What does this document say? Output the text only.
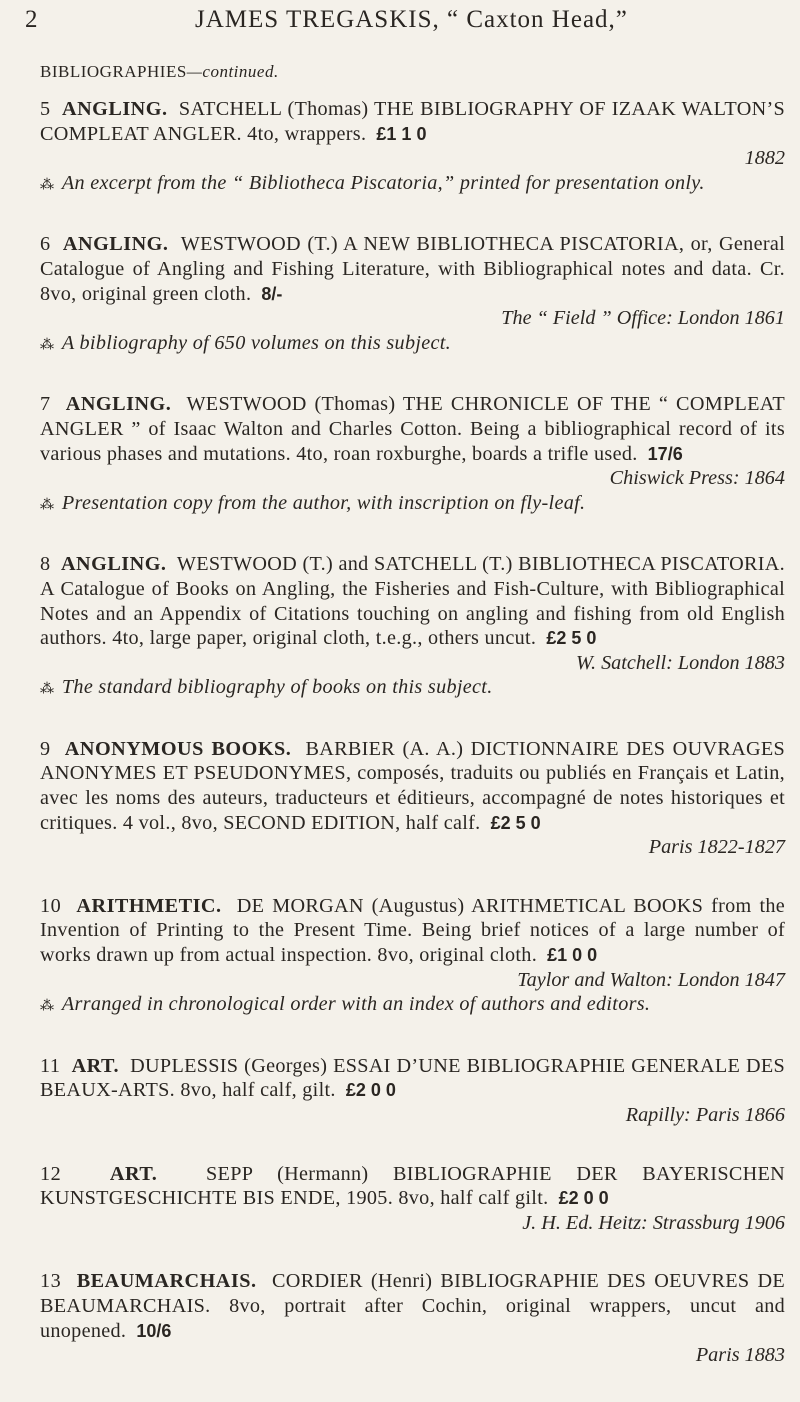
2	JAMES TREGASKIS, “ Caxton Head,”
BIBLIOGRAPHIES—continued.

5 ANGLING. SATCHELL (Thomas) THE BIBLIOGRAPHY OF IZAAK WALTON’S COMPLEAT ANGLER. 4to, wrappers. £1 1 0

1882

⁂  An excerpt from the “ Bibliotheca Piscatoria,” printed for presentation only.

6 ANGLING. WESTWOOD (T.) A NEW BIBLIOTHECA PISCATORIA, or, General Catalogue of Angling and Fishing Literature, with Bibliographical notes and data. Cr. 8vo, original green cloth. 8/-

The “ Field ” Office: London 1861

⁂  A bibliography of 650 volumes on this subject.

7 ANGLING. WESTWOOD (Thomas) THE CHRONICLE OF THE “ COMPLEAT ANGLER ” of Isaac Walton and Charles Cotton. Being a bibliographical record of its various phases and mutations. 4to, roan roxburghe, boards a trifle used. 17/6

Chiswick Press: 1864

⁂  Presentation copy from the author, with inscription on fly-leaf.

8 ANGLING. WESTWOOD (T.) and SATCHELL (T.) BIBLIOTHECA PISCATORIA. A Catalogue of Books on Angling, the Fisheries and Fish-Culture, with Bibliographical Notes and an Appendix of Citations touching on angling and fishing from old English authors. 4to, large paper, original cloth, t.e.g., others uncut. £2 5 0

W. Satchell: London 1883

⁂  The standard bibliography of books on this subject.

9 ANONYMOUS BOOKS. BARBIER (A. A.) DICTIONNAIRE DES OUVRAGES ANONYMES ET PSEUDONYMES, composés, traduits ou publiés en Français et Latin, avec les noms des auteurs, traducteurs et éditieurs, accompagné de notes historiques et critiques. 4 vol., 8vo, SECOND EDITION, half calf. £2 5 0

Paris 1822-1827

10 ARITHMETIC. DE MORGAN (Augustus) ARITHMETICAL BOOKS from the Invention of Printing to the Present Time. Being brief notices of a large number of works drawn up from actual inspection. 8vo, original cloth. £1 0 0

Taylor and Walton: London 1847

⁂  Arranged in chronological order with an index of authors and editors.

11 ART. DUPLESSIS (Georges) ESSAI D’UNE BIBLIOGRAPHIE GENERALE DES BEAUX-ARTS. 8vo, half calf, gilt. £2 0 0

Rapilly: Paris 1866

12 ART. SEPP (Hermann) BIBLIOGRAPHIE DER BAYERISCHEN KUNSTGESCHICHTE BIS ENDE, 1905. 8vo, half calf gilt. £2 0 0

J. H. Ed. Heitz: Strassburg 1906

13 BEAUMARCHAIS. CORDIER (Henri) BIBLIOGRAPHIE DES OEUVRES DE BEAUMARCHAIS. 8vo, portrait after Cochin, original wrappers, uncut and unopened. 10/6

Paris 1883
